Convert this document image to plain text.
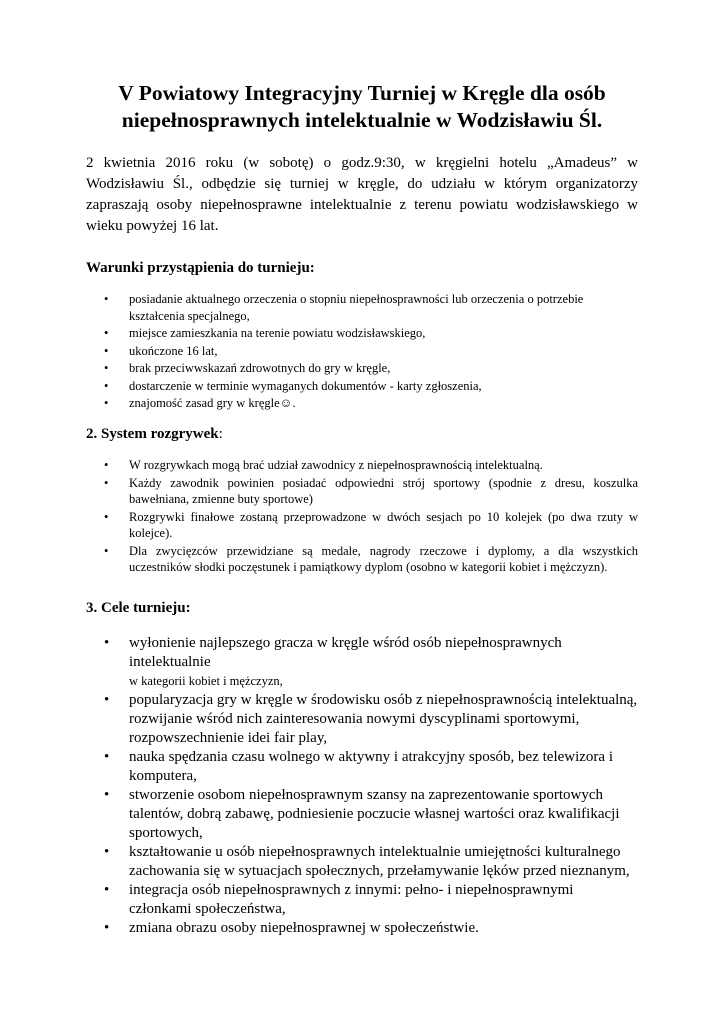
V Powiatowy Integracyjny Turniej w Kręgle dla osób
niepełnosprawnych intelektualnie w Wodzisławiu Śl.

2 kwietnia 2016 roku (w sobotę) o godz.9:30, w kręgielni hotelu „Amadeus” w Wodzisławiu Śl., odbędzie się turniej w kręgle, do udziału w którym organizatorzy zapraszają osoby niepełnosprawne intelektualnie z terenu powiatu wodzisławskiego w wieku powyżej 16 lat.

Warunki przystąpienia do turnieju:
• posiadanie aktualnego orzeczenia o stopniu niepełnosprawności lub orzeczenia o potrzebie kształcenia specjalnego,
• miejsce zamieszkania na terenie powiatu wodzisławskiego,
• ukończone 16 lat,
• brak przeciwwskazań zdrowotnych do gry w kręgle,
• dostarczenie w terminie wymaganych dokumentów - karty zgłoszenia,
• znajomość zasad gry w kręgle☺.
2. System rozgrywek:
• W rozgrywkach mogą brać udział zawodnicy z niepełnosprawnością intelektualną.
• Każdy zawodnik powinien posiadać odpowiedni strój sportowy (spodnie z dresu, koszulka bawełniana, zmienne buty sportowe)
• Rozgrywki finałowe zostaną przeprowadzone w dwóch sesjach po 10 kolejek (po dwa rzuty w kolejce).
• Dla zwycięzców przewidziane są medale, nagrody rzeczowe i dyplomy, a dla wszystkich uczestników słodki poczęstunek i pamiątkowy dyplom (osobno w kategorii kobiet i mężczyzn).
3. Cele turnieju:
• wyłonienie najlepszego gracza w kręgle wśród osób niepełnosprawnych intelektualnie
w kategorii kobiet i mężczyzn,
• popularyzacja gry w kręgle w środowisku osób z niepełnosprawnością intelektualną, rozwijanie wśród nich zainteresowania nowymi dyscyplinami sportowymi, rozpowszechnienie idei fair play,
• nauka spędzania czasu wolnego w aktywny i atrakcyjny sposób, bez telewizora i komputera,
• stworzenie osobom niepełnosprawnym szansy na zaprezentowanie sportowych talentów, dobrą zabawę, podniesienie poczucie własnej wartości oraz kwalifikacji sportowych,
• kształtowanie u osób niepełnosprawnych intelektualnie umiejętności kulturalnego zachowania się w sytuacjach społecznych, przełamywanie lęków przed nieznanym,
• integracja osób niepełnosprawnych z innymi: pełno- i niepełnosprawnymi członkami społeczeństwa,
• zmiana obrazu osoby niepełnosprawnej w społeczeństwie.
